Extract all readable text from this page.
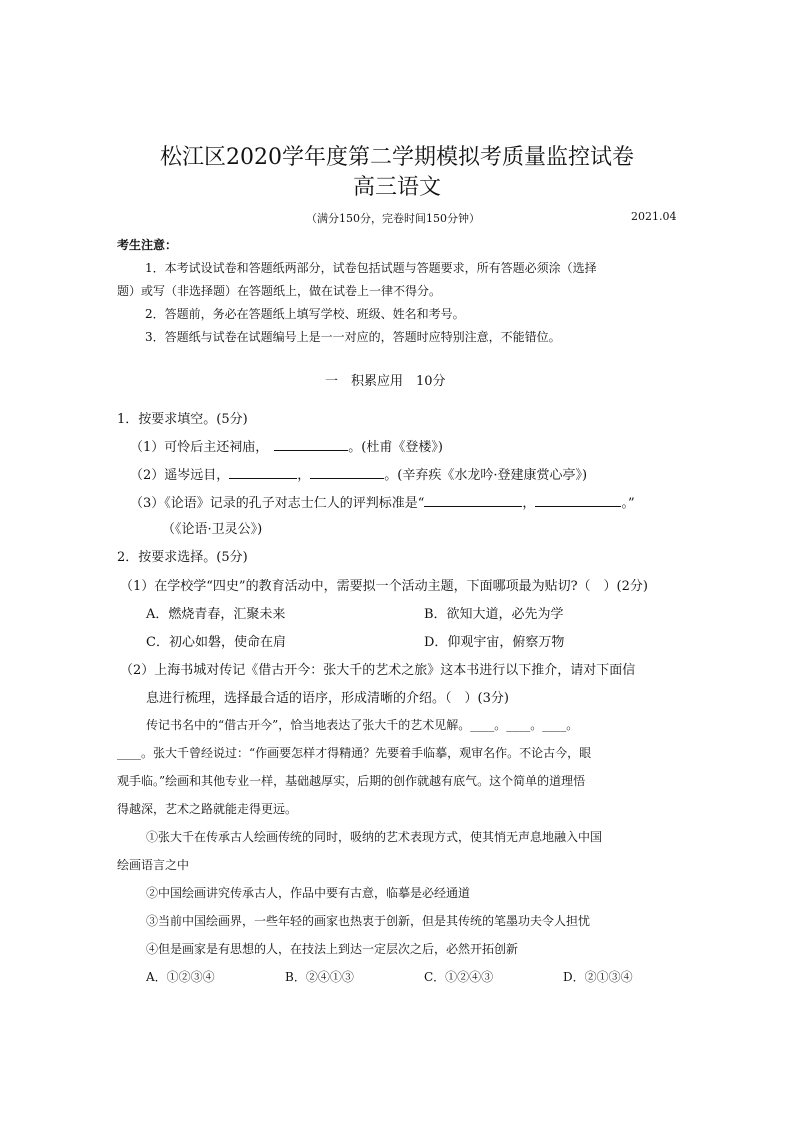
松江区2020学年度第二学期模拟考质量监控试卷
高三语文
（满分150分，完卷时间150分钟）	2021.04
考生注意：
1．本考试设试卷和答题纸两部分，试卷包括试题与答题要求，所有答题必须涂（选择
题）或写（非选择题）在答题纸上，做在试卷上一律不得分。
2．答题前，务必在答题纸上填写学校、班级、姓名和考号。
3．答题纸与试卷在试题编号上是一一对应的，答题时应特别注意，不能错位。
一　积累应用　10分
1．按要求填空。(5分)
（1）可怜后主还祠庙，	。(杜甫《登楼》)
（2）遥岑远目，	，	。(辛弃疾《水龙吟·登建康赏心亭》)
（3）《论语》记录的孔子对志士仁人的评判标准是“	，	。”
（《论语·卫灵公》)
2．按要求选择。(5分)
（1）在学校学“四史”的教育活动中，需要拟一个活动主题，下面哪项最为贴切?（　）(2分)
A．燃烧青春，汇聚未来	B．欲知大道，必先为学
C．初心如磐，使命在肩	D．仰观宇宙，俯察万物
（2）上海书城对传记《借古开今：张大千的艺术之旅》这本书进行以下推介，请对下面信
息进行梳理，选择最合适的语序，形成清晰的介绍。（　）(3分)
传记书名中的“借古开今”，恰当地表达了张大千的艺术见解。____。____。____。
____。张大千曾经说过：“作画要怎样才得精通？先要着手临摹，观审名作。不论古今，眼
观手临。”绘画和其他专业一样，基础越厚实，后期的创作就越有底气。这个简单的道理悟
得越深，艺术之路就能走得更远。
①张大千在传承古人绘画传统的同时，吸纳的艺术表现方式，使其悄无声息地融入中国
绘画语言之中
②中国绘画讲究传承古人，作品中要有古意，临摹是必经通道
③当前中国绘画界，一些年轻的画家也热衷于创新，但是其传统的笔墨功夫令人担忧
④但是画家是有思想的人，在技法上到达一定层次之后，必然开拓创新
A．①②③④	B．②④①③	C．①②④③	D．②①③④
